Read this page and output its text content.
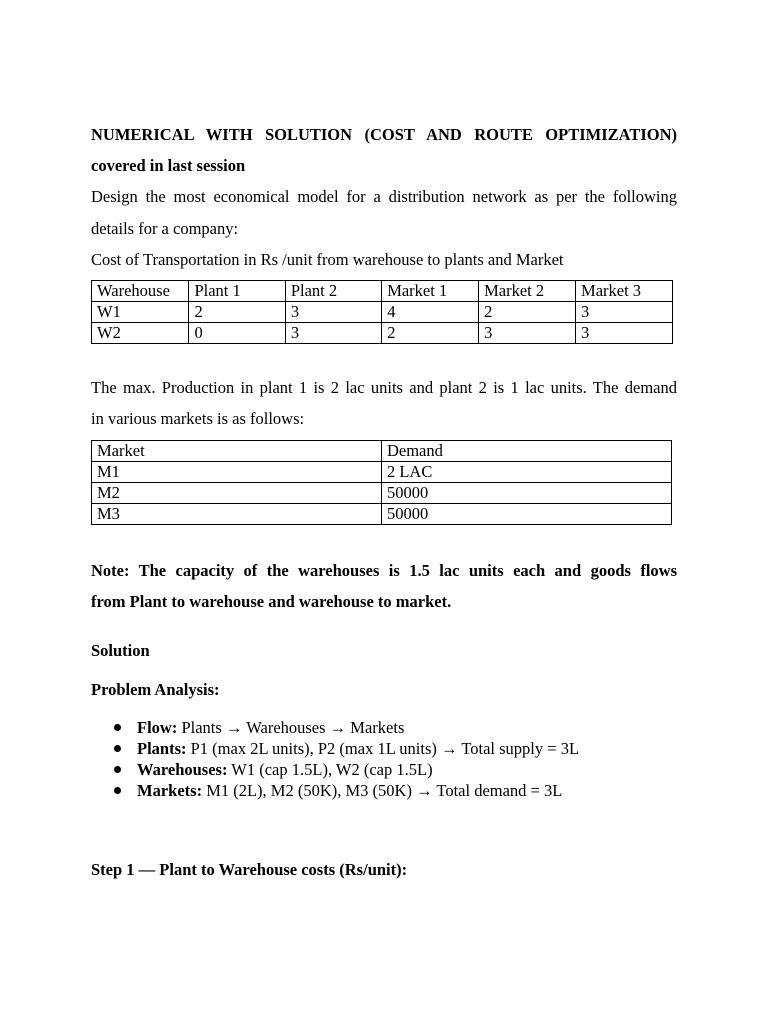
NUMERICAL WITH SOLUTION (COST AND ROUTE OPTIMIZATION)
covered in last session
Design the most economical model for a distribution network as per the following
details for a company:
Cost of Transportation in Rs /unit from warehouse to plants and Market
Warehouse	Plant 1	Plant 2	Market 1	Market 2	Market 3
W1	2	3	4	2	3
W2	0	3	2	3	3
The max. Production in plant 1 is 2 lac units and plant 2 is 1 lac units. The demand
in various markets is as follows:
Market	Demand
M1	2 LAC
M2	50000
M3	50000
Note: The capacity of the warehouses is 1.5 lac units each and goods flows
from Plant to warehouse and warehouse to market.
Solution
Problem Analysis:
Flow: Plants → Warehouses → Markets
Plants: P1 (max 2L units), P2 (max 1L units) → Total supply = 3L
Warehouses: W1 (cap 1.5L), W2 (cap 1.5L)
Markets: M1 (2L), M2 (50K), M3 (50K) → Total demand = 3L
Step 1 — Plant to Warehouse costs (Rs/unit):
